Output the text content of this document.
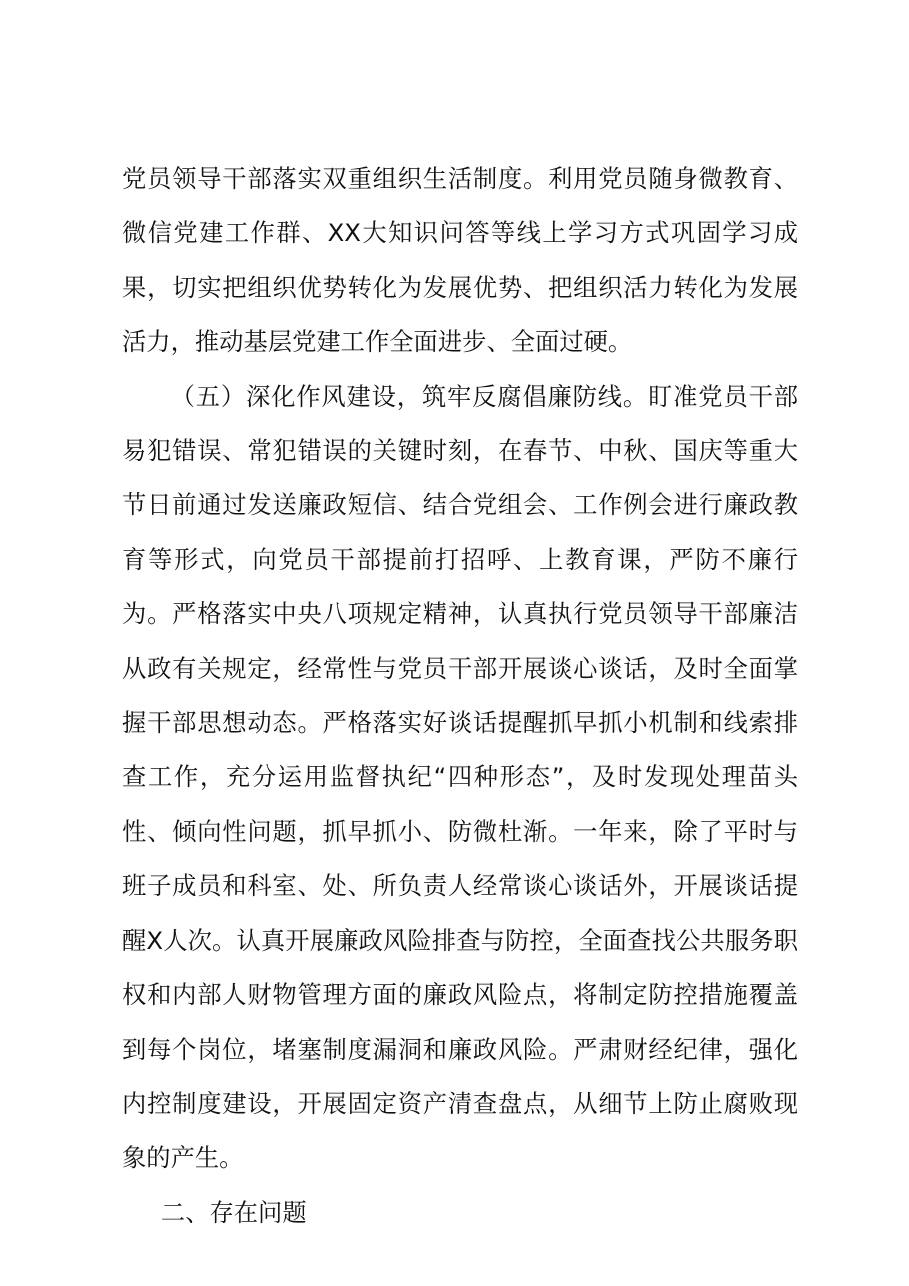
党员领导干部落实双重组织生活制度。利用党员随身微教育、微信党建工作群、XX大知识问答等线上学习方式巩固学习成果，切实把组织优势转化为发展优势、把组织活力转化为发展活力，推动基层党建工作全面进步、全面过硬。

（五）深化作风建设，筑牢反腐倡廉防线。盯准党员干部易犯错误、常犯错误的关键时刻，在春节、中秋、国庆等重大节日前通过发送廉政短信、结合党组会、工作例会进行廉政教育等形式，向党员干部提前打招呼、上教育课，严防不廉行为。严格落实中央八项规定精神，认真执行党员领导干部廉洁从政有关规定，经常性与党员干部开展谈心谈话，及时全面掌握干部思想动态。严格落实好谈话提醒抓早抓小机制和线索排查工作，充分运用监督执纪“四种形态”，及时发现处理苗头性、倾向性问题，抓早抓小、防微杜渐。一年来，除了平时与班子成员和科室、处、所负责人经常谈心谈话外，开展谈话提醒X人次。认真开展廉政风险排查与防控，全面查找公共服务职权和内部人财物管理方面的廉政风险点，将制定防控措施覆盖到每个岗位，堵塞制度漏洞和廉政风险。严肃财经纪律，强化内控制度建设，开展固定资产清查盘点，从细节上防止腐败现象的产生。

二、存在问题
